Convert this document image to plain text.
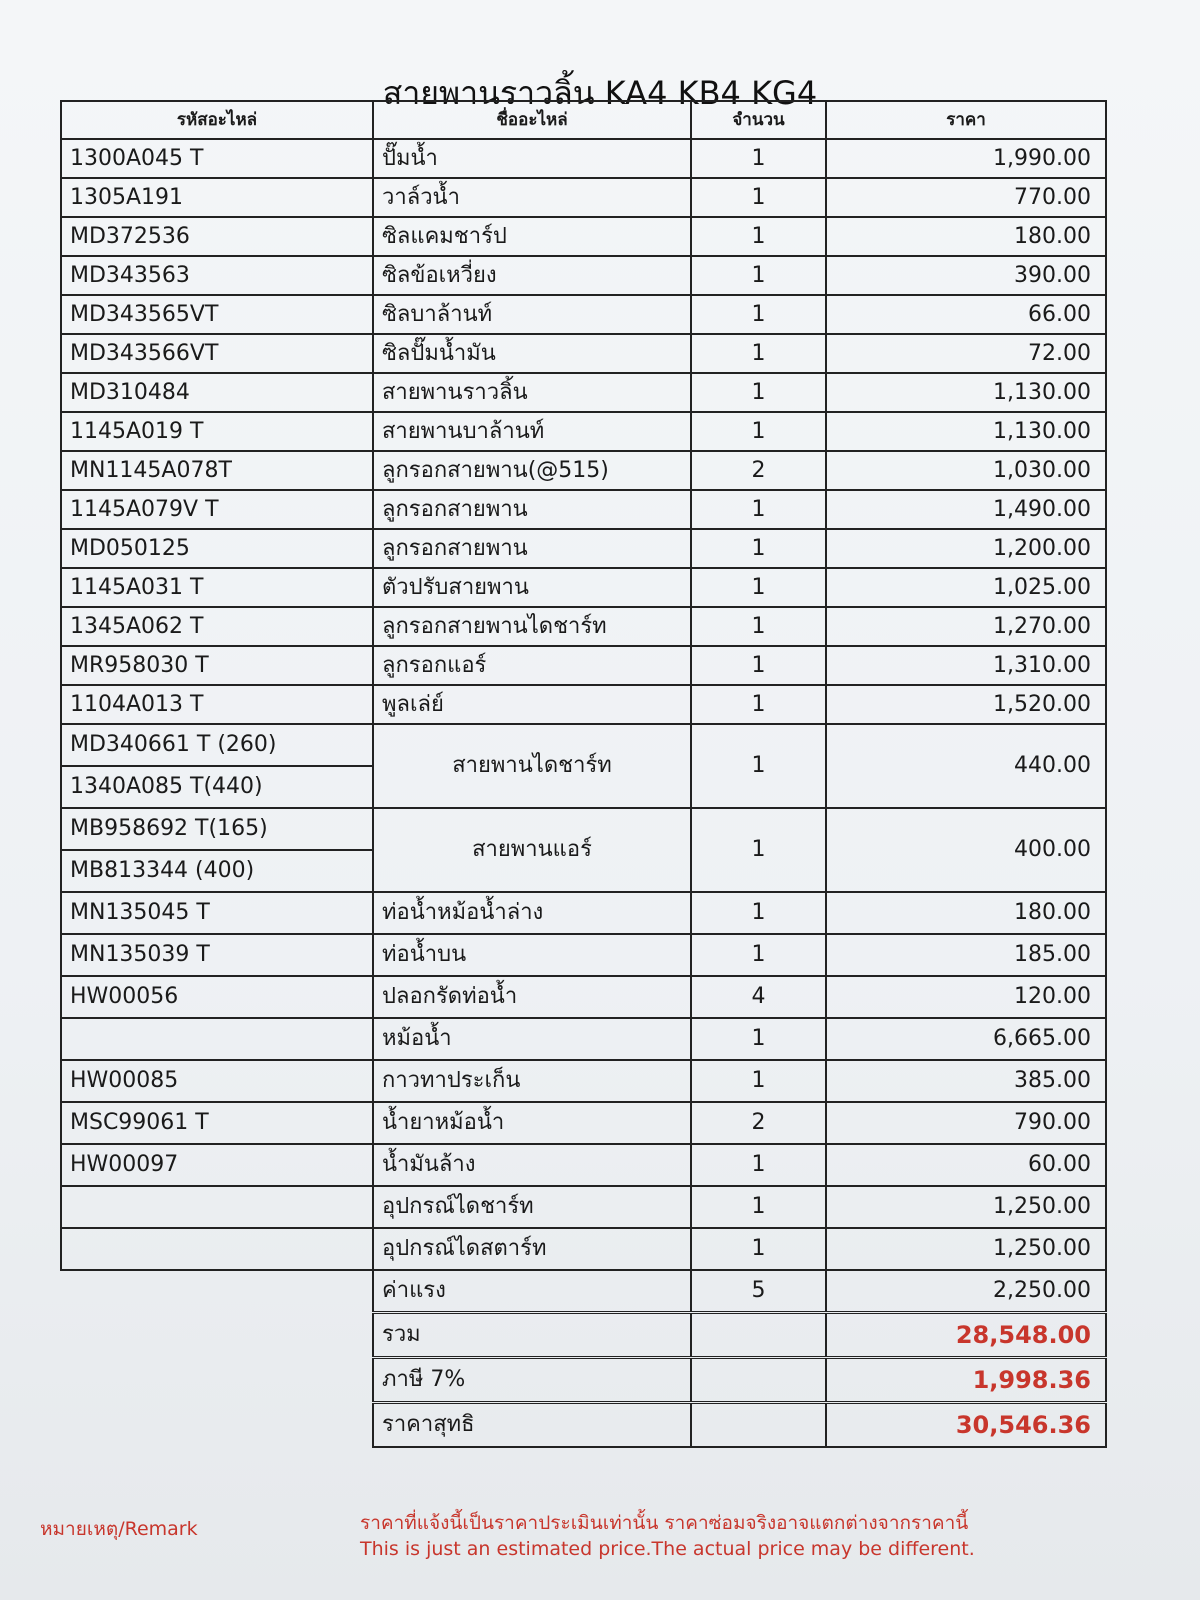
สายพานราวลิ้น KA4 KB4 KG4
รหัสอะไหล่	ชื่ออะไหล่	จำนวน	ราคา
1300A045 T	ปั๊มน้ำ	1	1,990.00
1305A191	วาล์วน้ำ	1	770.00
MD372536	ซิลแคมชาร์ป	1	180.00
MD343563	ซิลข้อเหวี่ยง	1	390.00
MD343565VT	ซิลบาล้านท์	1	66.00
MD343566VT	ซิลปั๊มน้ำมัน	1	72.00
MD310484	สายพานราวลิ้น	1	1,130.00
1145A019 T	สายพานบาล้านท์	1	1,130.00
MN1145A078T	ลูกรอกสายพาน(@515)	2	1,030.00
1145A079V T	ลูกรอกสายพาน	1	1,490.00
MD050125	ลูกรอกสายพาน	1	1,200.00
1145A031 T	ตัวปรับสายพาน	1	1,025.00
1345A062 T	ลูกรอกสายพานไดชาร์ท	1	1,270.00
MR958030 T	ลูกรอกแอร์	1	1,310.00
1104A013 T	พูลเล่ย์	1	1,520.00
MD340661 T (260)	สายพานไดชาร์ท	1	440.00
1340A085 T(440)			
MB958692 T(165)	สายพานแอร์	1	400.00
MB813344 (400)			
MN135045 T	ท่อน้ำหม้อน้ำล่าง	1	180.00
MN135039 T	ท่อน้ำบน	1	185.00
HW00056	ปลอกรัดท่อน้ำ	4	120.00
	หม้อน้ำ	1	6,665.00
HW00085	กาวทาประเก็น	1	385.00
MSC99061 T	น้ำยาหม้อน้ำ	2	790.00
HW00097	น้ำมันล้าง	1	60.00
	อุปกรณ์ไดชาร์ท	1	1,250.00
	อุปกรณ์ไดสตาร์ท	1	1,250.00
	ค่าแรง	5	2,250.00
	รวม		28,548.00
	ภาษี 7%		1,998.36
	ราคาสุทธิ		30,546.36
หมายเหตุ/Remark	ราคาที่แจ้งนี้เป็นราคาประเมินเท่านั้น ราคาซ่อมจริงอาจแตกต่างจากราคานี้
This is just an estimated price.The actual price may be different.
